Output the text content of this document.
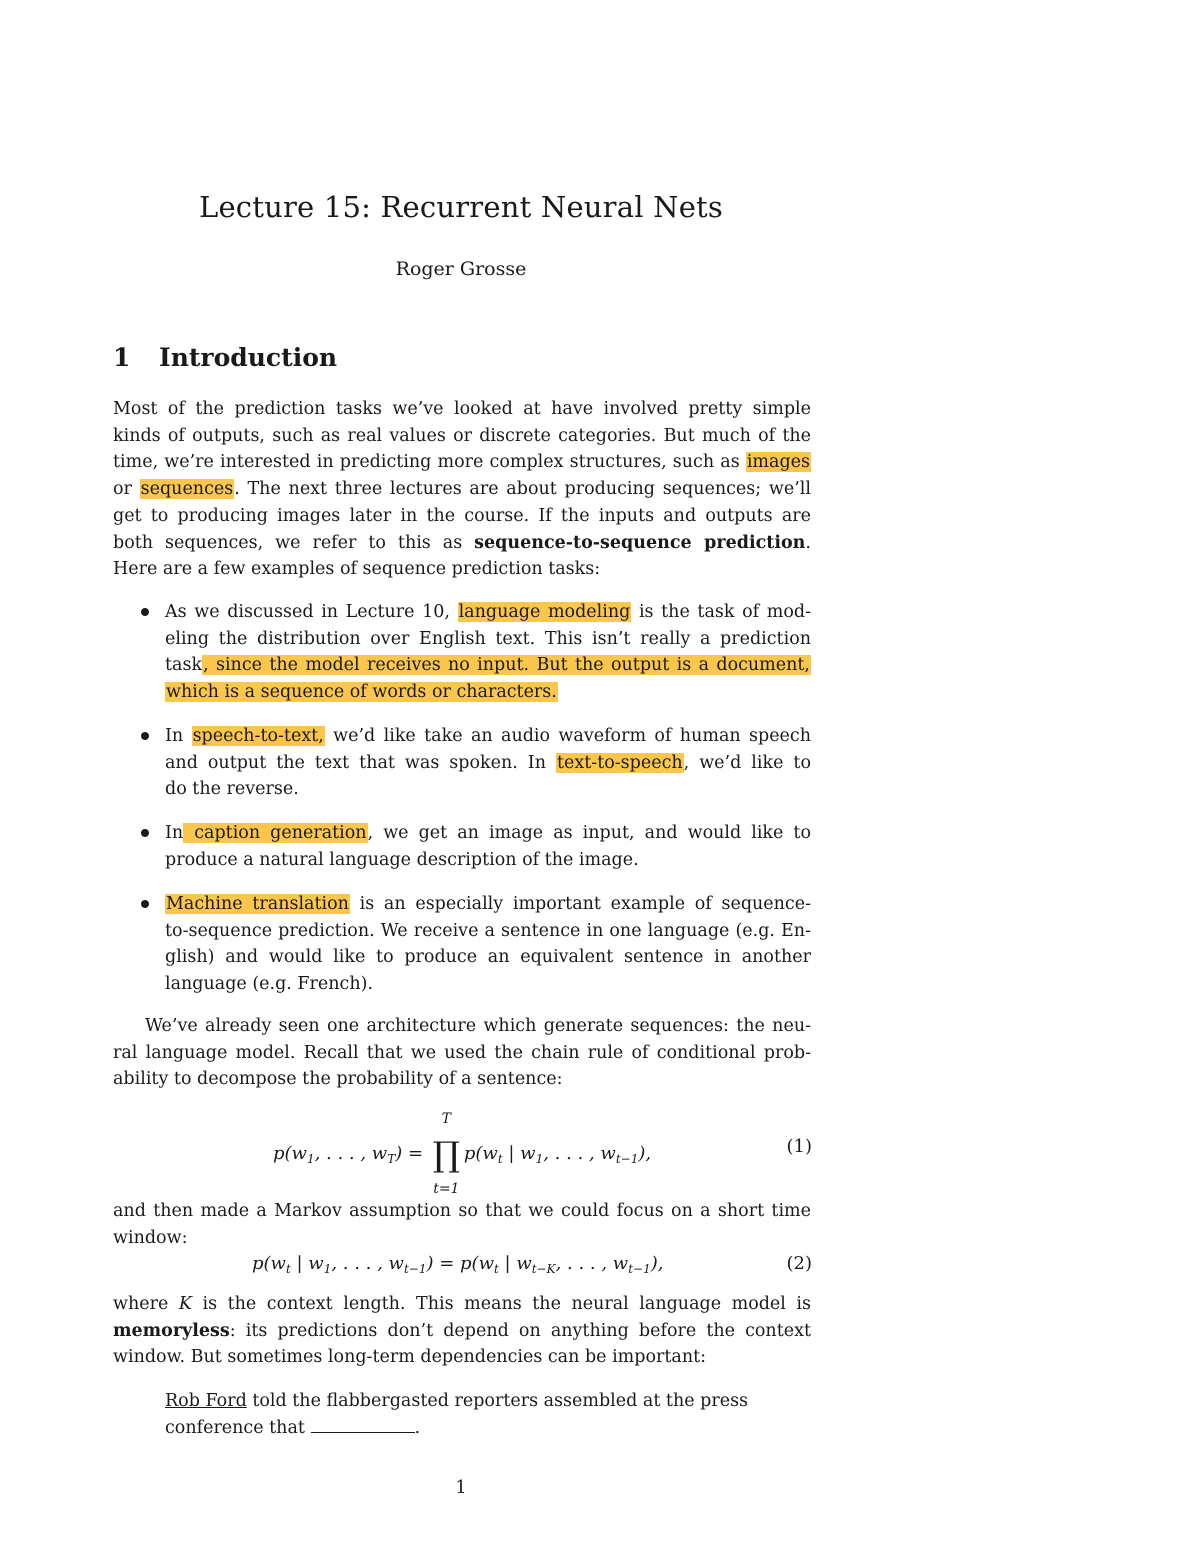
Lecture 15: Recurrent Neural Nets
Roger Grosse
1 Introduction
Most of the prediction tasks we’ve looked at have involved pretty simple
kinds of outputs, such as real values or discrete categories. But much of the
time, we’re interested in predicting more complex structures, such as images
or sequences. The next three lectures are about producing sequences; we’ll
get to producing images later in the course. If the inputs and outputs are
both sequences, we refer to this as sequence-to-sequence prediction.
Here are a few examples of sequence prediction tasks:
As we discussed in Lecture 10, language modeling is the task of mod-
eling the distribution over English text. This isn’t really a prediction
task, since the model receives no input. But the output is a document,
which is a sequence of words or characters.
In speech-to-text, we’d like take an audio waveform of human speech
and output the text that was spoken. In text-to-speech, we’d like to
do the reverse.
In caption generation, we get an image as input, and would like to
produce a natural language description of the image.
Machine translation is an especially important example of sequence-
to-sequence prediction. We receive a sentence in one language (e.g. En-
glish) and would like to produce an equivalent sentence in another
language (e.g. French).
We’ve already seen one architecture which generate sequences: the neu-
ral language model. Recall that we used the chain rule of conditional prob-
ability to decompose the probability of a sentence:
$p(w_1$, . . . , $w_T$) = ∏
T
t=1
$p(w_t$ | $w_1$, . . . , $w_{t-1}$),	(1)
and then made a Markov assumption so that we could focus on a short time
window:
$p(w_t$ | $w_1$, . . . , $w_{t-1}) = p(w_t$ | $w_{t-K}$, . . . , $w_{t-1}$),	(2)
where K is the context length. This means the neural language model is
memoryless: its predictions don’t depend on anything before the context
window. But sometimes long-term dependencies can be important:
Rob Ford told the flabbergasted reporters assembled at the press
conference that	.
1
